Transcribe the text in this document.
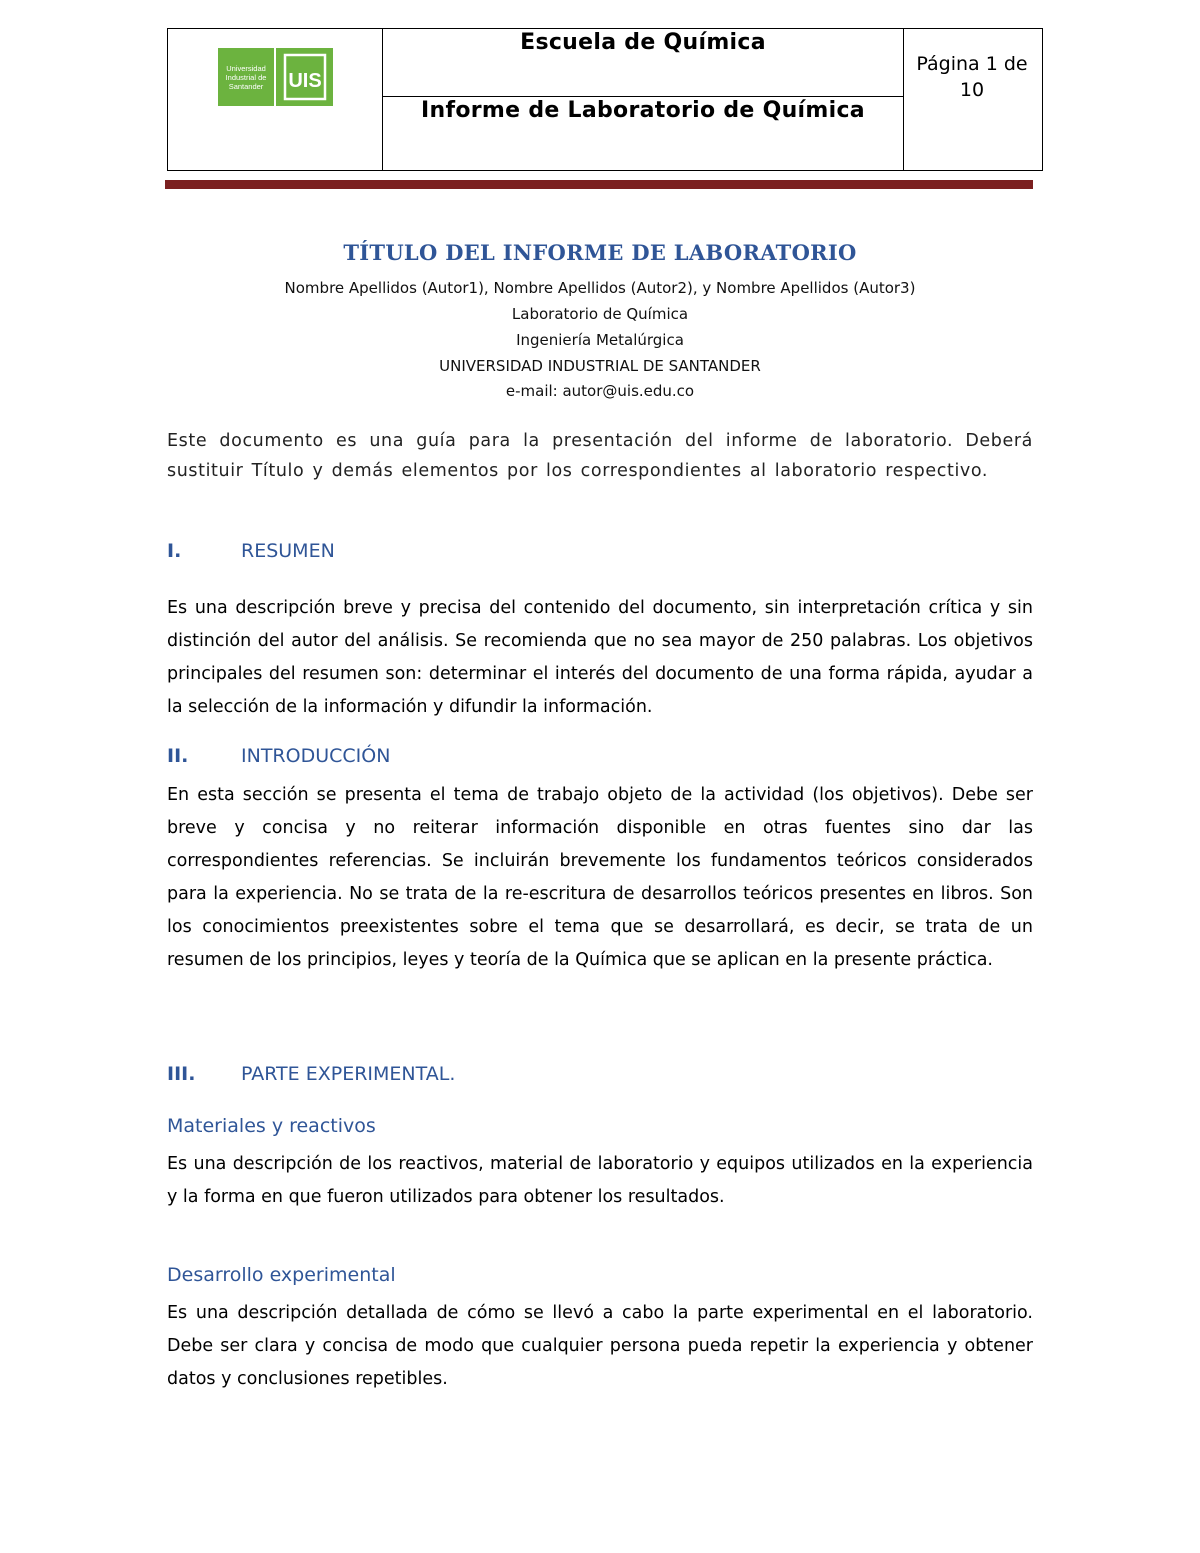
Universidad Industrial de Santander	UIS
Escuela de Química
Informe de Laboratorio de Química
Página 1 de 10
TÍTULO DEL INFORME DE LABORATORIO
Nombre Apellidos (Autor1), Nombre Apellidos (Autor2), y Nombre Apellidos (Autor3)
Laboratorio de Química
Ingeniería Metalúrgica
UNIVERSIDAD INDUSTRIAL DE SANTANDER
e-mail: autor@uis.edu.co
Este documento es una guía para la presentación del informe de laboratorio. Deberá sustituir Título y demás elementos por los correspondientes al laboratorio respectivo.
I.	RESUMEN
Es una descripción breve y precisa del contenido del documento, sin interpretación crítica y sin distinción del autor del análisis. Se recomienda que no sea mayor de 250 palabras. Los objetivos principales del resumen son: determinar el interés del documento de una forma rápida, ayudar a la selección de la información y difundir la información.
II.	INTRODUCCIÓN
En esta sección se presenta el tema de trabajo objeto de la actividad (los objetivos). Debe ser breve y concisa y no reiterar información disponible en otras fuentes sino dar las correspondientes referencias. Se incluirán brevemente los fundamentos teóricos considerados para la experiencia. No se trata de la re-escritura de desarrollos teóricos presentes en libros. Son los conocimientos preexistentes sobre el tema que se desarrollará, es decir, se trata de un resumen de los principios, leyes y teoría de la Química que se aplican en la presente práctica.
III. PARTE EXPERIMENTAL.
Materiales y reactivos
Es una descripción de los reactivos, material de laboratorio y equipos utilizados en la experiencia y la forma en que fueron utilizados para obtener los resultados.
Desarrollo experimental
Es una descripción detallada de cómo se llevó a cabo la parte experimental en el laboratorio. Debe ser clara y concisa de modo que cualquier persona pueda repetir la experiencia y obtener datos y conclusiones repetibles.
